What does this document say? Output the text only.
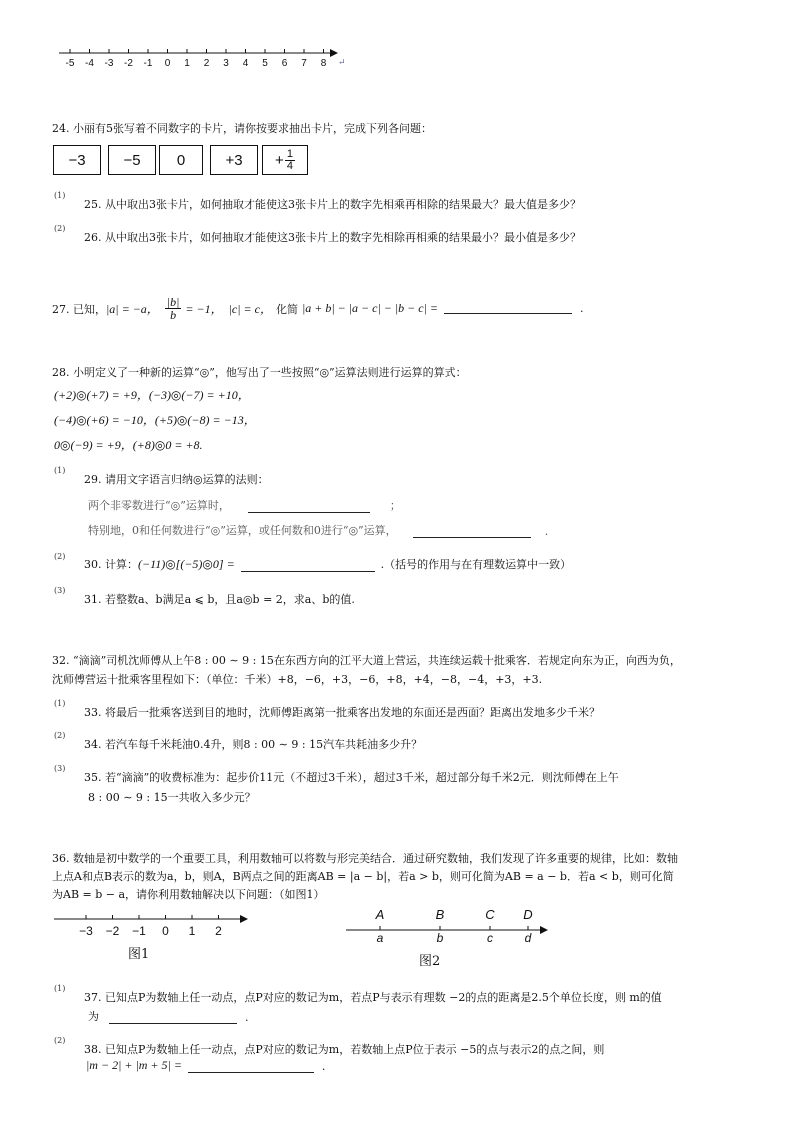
-5 -4 -3 -2 -1 0 1 2 3 4 5 6 7 8 ↵
24. 小丽有5张写着不同数字的卡片，请你按要求抽出卡片，完成下列各问题：
−3	−5	0	+3	+ $\frac{1}{4}$
(1)
25. 从中取出3张卡片，如何抽取才能使这3张卡片上的数字先相乘再相除的结果最大？最大值是多少？
(2)
26. 从中取出3张卡片，如何抽取才能使这3张卡片上的数字先相除再相乘的结果最小？最小值是多少？
27. 已知， |a| = −a， $\frac{|b|}{b} = -1$， |c| = c， 化简 |a + b| − |a − c| − |b − c| =	.
28. 小明定义了一种新的运算“◎”，他写出了一些按照“◎”运算法则进行运算的算式：
(+2)◎(+7) = +9，(−3)◎(−7) = +10，
(−4)◎(+6) = −10，(+5)◎(−8) = −13，
0◎(−9) = +9，(+8)◎0 = +8.
(1)
29. 请用文字语言归纳◎运算的法则：
两个非零数进行“◎”运算时，	；
特别地，0和任何数进行“◎”运算，或任何数和0进行“◎”运算，	.
(2)
30. 计算： (−11)◎[(−5)◎0] =	.（括号的作用与在有理数运算中一致）
(3)
31. 若整数a、b满足a ⩽ b，且a◎b = 2，求a、b的值.
32. “滴滴”司机沈师傅从上午8 : 00 ∼ 9 : 15在东西方向的江平大道上营运，共连续运载十批乘客．若规定向东为正，向西为负，
沈师傅营运十批乘客里程如下：（单位：千米）+8，−6，+3，−6，+8，+4，−8，−4，+3，+3.
(1)
33. 将最后一批乘客送到目的地时，沈师傅距离第一批乘客出发地的东面还是西面？距离出发地多少千米？
(2)
34. 若汽车每千米耗油0.4升，则8 : 00 ∼ 9 : 15汽车共耗油多少升？
(3)
35. 若“滴滴”的收费标准为：起步价11元（不超过3千米），超过3千米，超过部分每千米2元．则沈师傅在上午
8 : 00 ∼ 9 : 15一共收入多少元？
36. 数轴是初中数学的一个重要工具，利用数轴可以将数与形完美结合．通过研究数轴，我们发现了许多重要的规律，比如：数轴
上点A和点B表示的数为a，b，则A，B两点之间的距离AB = |a − b|，若a > b，则可化简为AB = a − b．若a < b，则可化简
为AB = b − a，请你利用数轴解决以下问题：（如图1）
−3 −2 −1 0 1 2
图1
A
a
B
b
C
c
D
d
图2
(1)
37. 已知点P为数轴上任一动点，点P对应的数记为m，若点P与表示有理数 −2的点的距离是2.5个单位长度，则 m的值
为	.
(2)
38. 已知点P为数轴上任一动点，点P对应的数记为m，若数轴上点P位于表示 −5的点与表示2的点之间，则
|m − 2| + |m + 5| =	.
